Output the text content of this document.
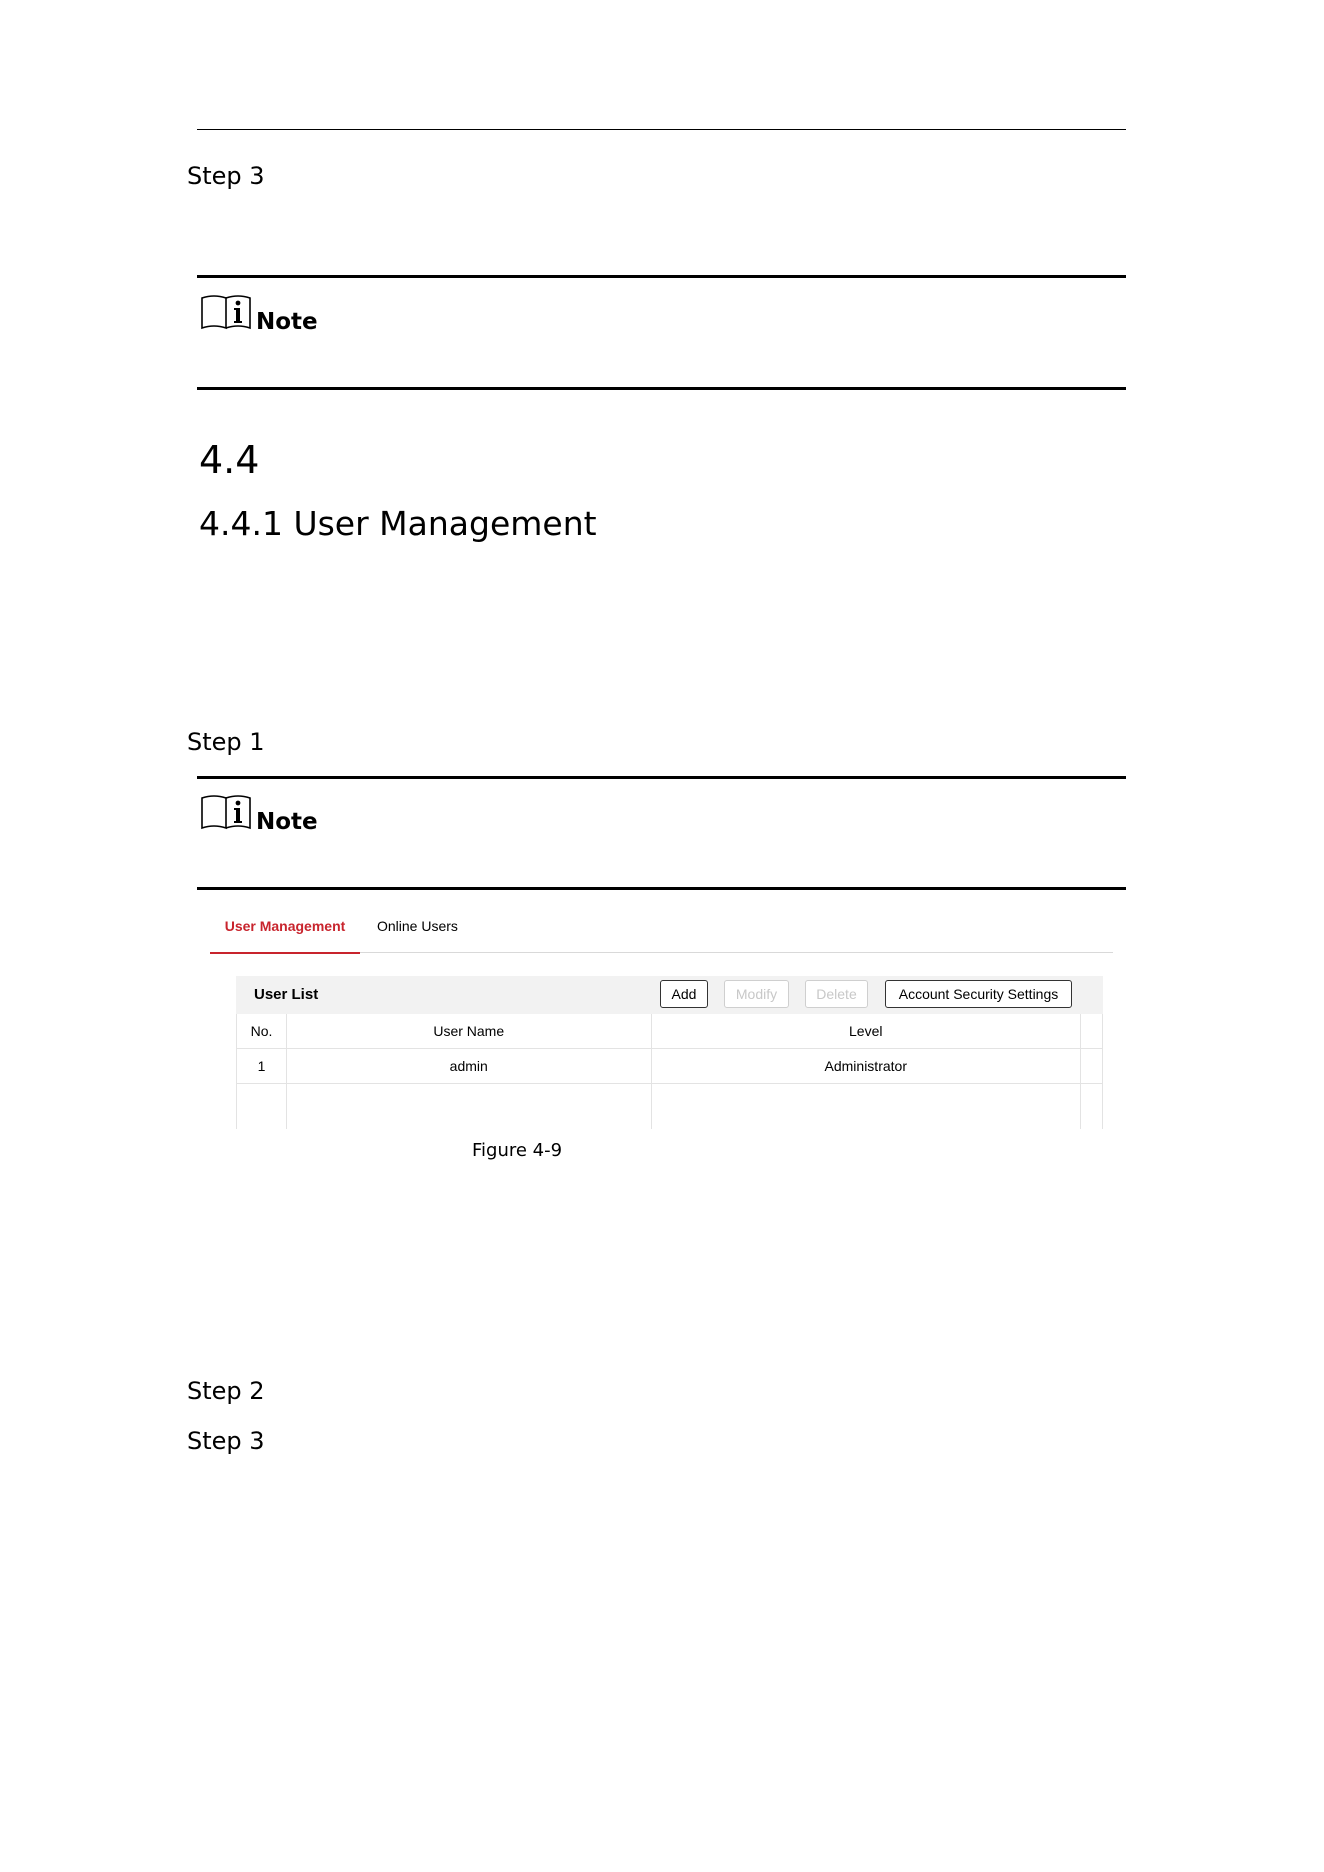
Step 3
Note
4.4
4.4.1 User Management
Step 1
Note
User Management	Online Users
User List	Add	Modify	Delete	Account Security Settings
No.	User Name	Level	
1	admin	Administrator	

Figure 4-9
Step 2
Step 3
